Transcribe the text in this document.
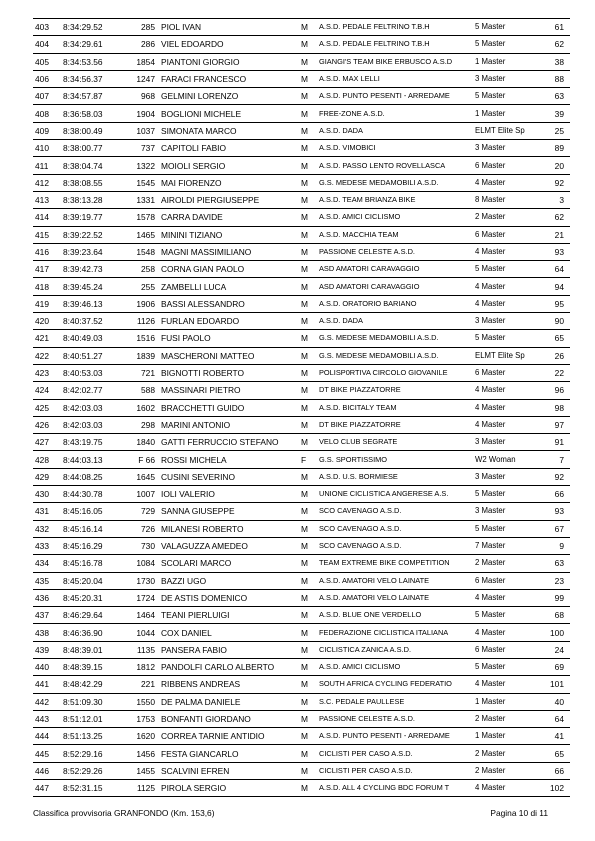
403	8:34:29.52	285	PIOL IVAN	M	A.S.D. PEDALE FELTRINO T.B.H	5 Master	61
404	8:34:29.61	286	VIEL EDOARDO	M	A.S.D. PEDALE FELTRINO T.B.H	5 Master	62
405	8:34:53.56	1854	PIANTONI GIORGIO	M	GIANGI'S TEAM BIKE ERBUSCO A.S.D	1 Master	38
406	8:34:56.37	1247	FARACI FRANCESCO	M	A.S.D. MAX LELLI	3 Master	88
407	8:34:57.87	968	GELMINI LORENZO	M	A.S.D. PUNTO PESENTI - ARREDAME	5 Master	63
408	8:36:58.03	1904	BOGLIONI MICHELE	M	FREE-ZONE A.S.D.	1 Master	39
409	8:38:00.49	1037	SIMONATA MARCO	M	A.S.D. DADA	ELMT Elite Sp	25
410	8:38:00.77	737	CAPITOLI FABIO	M	A.S.D. VIMOBICI	3 Master	89
411	8:38:04.74	1322	MOIOLI SERGIO	M	A.S.D. PASSO LENTO ROVELLASCA	6 Master	20
412	8:38:08.55	1545	MAI FIORENZO	M	G.S. MEDESE MEDAMOBILI A.S.D.	4 Master	92
413	8:38:13.28	1331	AIROLDI PIERGIUSEPPE	M	A.S.D. TEAM BRIANZA BIKE	8 Master	3
414	8:39:19.77	1578	CARRA DAVIDE	M	A.S.D. AMICI CICLISMO	2 Master	62
415	8:39:22.52	1465	MININI TIZIANO	M	A.S.D. MACCHIA TEAM	6 Master	21
416	8:39:23.64	1548	MAGNI MASSIMILIANO	M	PASSIONE CELESTE A.S.D.	4 Master	93
417	8:39:42.73	258	CORNA GIAN PAOLO	M	ASD AMATORI CARAVAGGIO	5 Master	64
418	8:39:45.24	255	ZAMBELLI LUCA	M	ASD AMATORI CARAVAGGIO	4 Master	94
419	8:39:46.13	1906	BASSI ALESSANDRO	M	A.S.D. ORATORIO BARIANO	4 Master	95
420	8:40:37.52	1126	FURLAN EDOARDO	M	A.S.D. DADA	3 Master	90
421	8:40:49.03	1516	FUSI PAOLO	M	G.S. MEDESE MEDAMOBILI A.S.D.	5 Master	65
422	8:40:51.27	1839	MASCHERONI MATTEO	M	G.S. MEDESE MEDAMOBILI A.S.D.	ELMT Elite Sp	26
423	8:40:53.03	721	BIGNOTTI ROBERTO	M	POLISP0RTIVA CIRCOLO GIOVANILE	6 Master	22
424	8:42:02.77	588	MASSINARI PIETRO	M	DT BIKE PIAZZATORRE	4 Master	96
425	8:42:03.03	1602	BRACCHETTI GUIDO	M	A.S.D. BICITALY TEAM	4 Master	98
426	8:42:03.03	298	MARINI ANTONIO	M	DT BIKE PIAZZATORRE	4 Master	97
427	8:43:19.75	1840	GATTI FERRUCCIO STEFANO	M	VELO CLUB SEGRATE	3 Master	91
428	8:44:03.13	F 66	ROSSI MICHELA	F	G.S. SPORTISSIMO	W2 Woman	7
429	8:44:08.25	1645	CUSINI SEVERINO	M	A.S.D. U.S. BORMIESE	3 Master	92
430	8:44:30.78	1007	IOLI VALERIO	M	UNIONE CICLISTICA ANGERESE A.S.	5 Master	66
431	8:45:16.05	729	SANNA GIUSEPPE	M	SCO CAVENAGO A.S.D.	3 Master	93
432	8:45:16.14	726	MILANESI ROBERTO	M	SCO CAVENAGO A.S.D.	5 Master	67
433	8:45:16.29	730	VALAGUZZA AMEDEO	M	SCO CAVENAGO A.S.D.	7 Master	9
434	8:45:16.78	1084	SCOLARI MARCO	M	TEAM EXTREME BIKE COMPETITION	2 Master	63
435	8:45:20.04	1730	BAZZI UGO	M	A.S.D. AMATORI VELO LAINATE	6 Master	23
436	8:45:20.31	1724	DE ASTIS DOMENICO	M	A.S.D. AMATORI VELO LAINATE	4 Master	99
437	8:46:29.64	1464	TEANI PIERLUIGI	M	A.S.D. BLUE ONE VERDELLO	5 Master	68
438	8:46:36.90	1044	COX DANIEL	M	FEDERAZIONE CICLISTICA ITALIANA	4 Master	100
439	8:48:39.01	1135	PANSERA FABIO	M	CICLISTICA ZANICA A.S.D.	6 Master	24
440	8:48:39.15	1812	PANDOLFI CARLO ALBERTO	M	A.S.D. AMICI CICLISMO	5 Master	69
441	8:48:42.29	221	RIBBENS ANDREAS	M	SOUTH AFRICA CYCLING FEDERATIO	4 Master	101
442	8:51:09.30	1550	DE PALMA DANIELE	M	S.C. PEDALE PAULLESE	1 Master	40
443	8:51:12.01	1753	BONFANTI GIORDANO	M	PASSIONE CELESTE A.S.D.	2 Master	64
444	8:51:13.25	1620	CORREA TARNIE ANTIDIO	M	A.S.D. PUNTO PESENTI - ARREDAME	1 Master	41
445	8:52:29.16	1456	FESTA GIANCARLO	M	CICLISTI PER CASO A.S.D.	2 Master	65
446	8:52:29.26	1455	SCALVINI EFREN	M	CICLISTI PER CASO A.S.D.	2 Master	66
447	8:52:31.15	1125	PIROLA SERGIO	M	A.S.D. ALL 4 CYCLING BDC FORUM T	4 Master	102
Classifica provvisoria GRANFONDO (Km. 153,6)	Pagina 10 di 11
